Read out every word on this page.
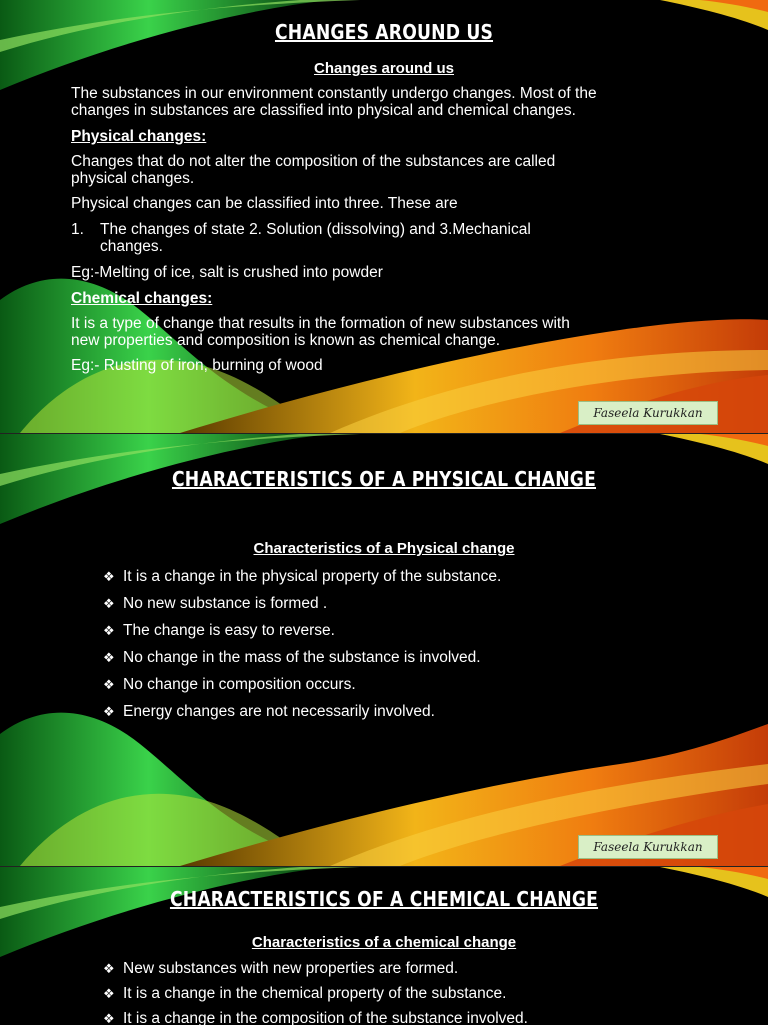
CHANGES AROUND US
Changes around us
The substances in our environment constantly undergo changes. Most of the
changes in substances are classified into physical and chemical changes.
Physical changes:
Changes that do not alter the composition of the substances are called
physical changes.
Physical changes can be classified into three. These are
1. The changes of state 2. Solution (dissolving) and 3.Mechanical
changes.
Eg:-Melting of ice, salt is crushed into powder
Chemical changes:
It is a type of change that results in the formation of new substances with
new properties and composition is known as chemical change.
Eg:- Rusting of iron, burning of wood
Faseela Kurukkan
CHARACTERISTICS OF A PHYSICAL CHANGE
Characteristics of a Physical change
❖ It is a change in the physical property of the substance.
❖ No new substance is formed .
❖ The change is easy to reverse.
❖ No change in the mass of the substance is involved.
❖ No change in composition occurs.
❖ Energy changes are not necessarily involved.
Faseela Kurukkan
CHARACTERISTICS OF A CHEMICAL CHANGE
Characteristics of a chemical change
❖ New substances with new properties are formed.
❖ It is a change in the chemical property of the substance.
❖ It is a change in the composition of the substance involved.
